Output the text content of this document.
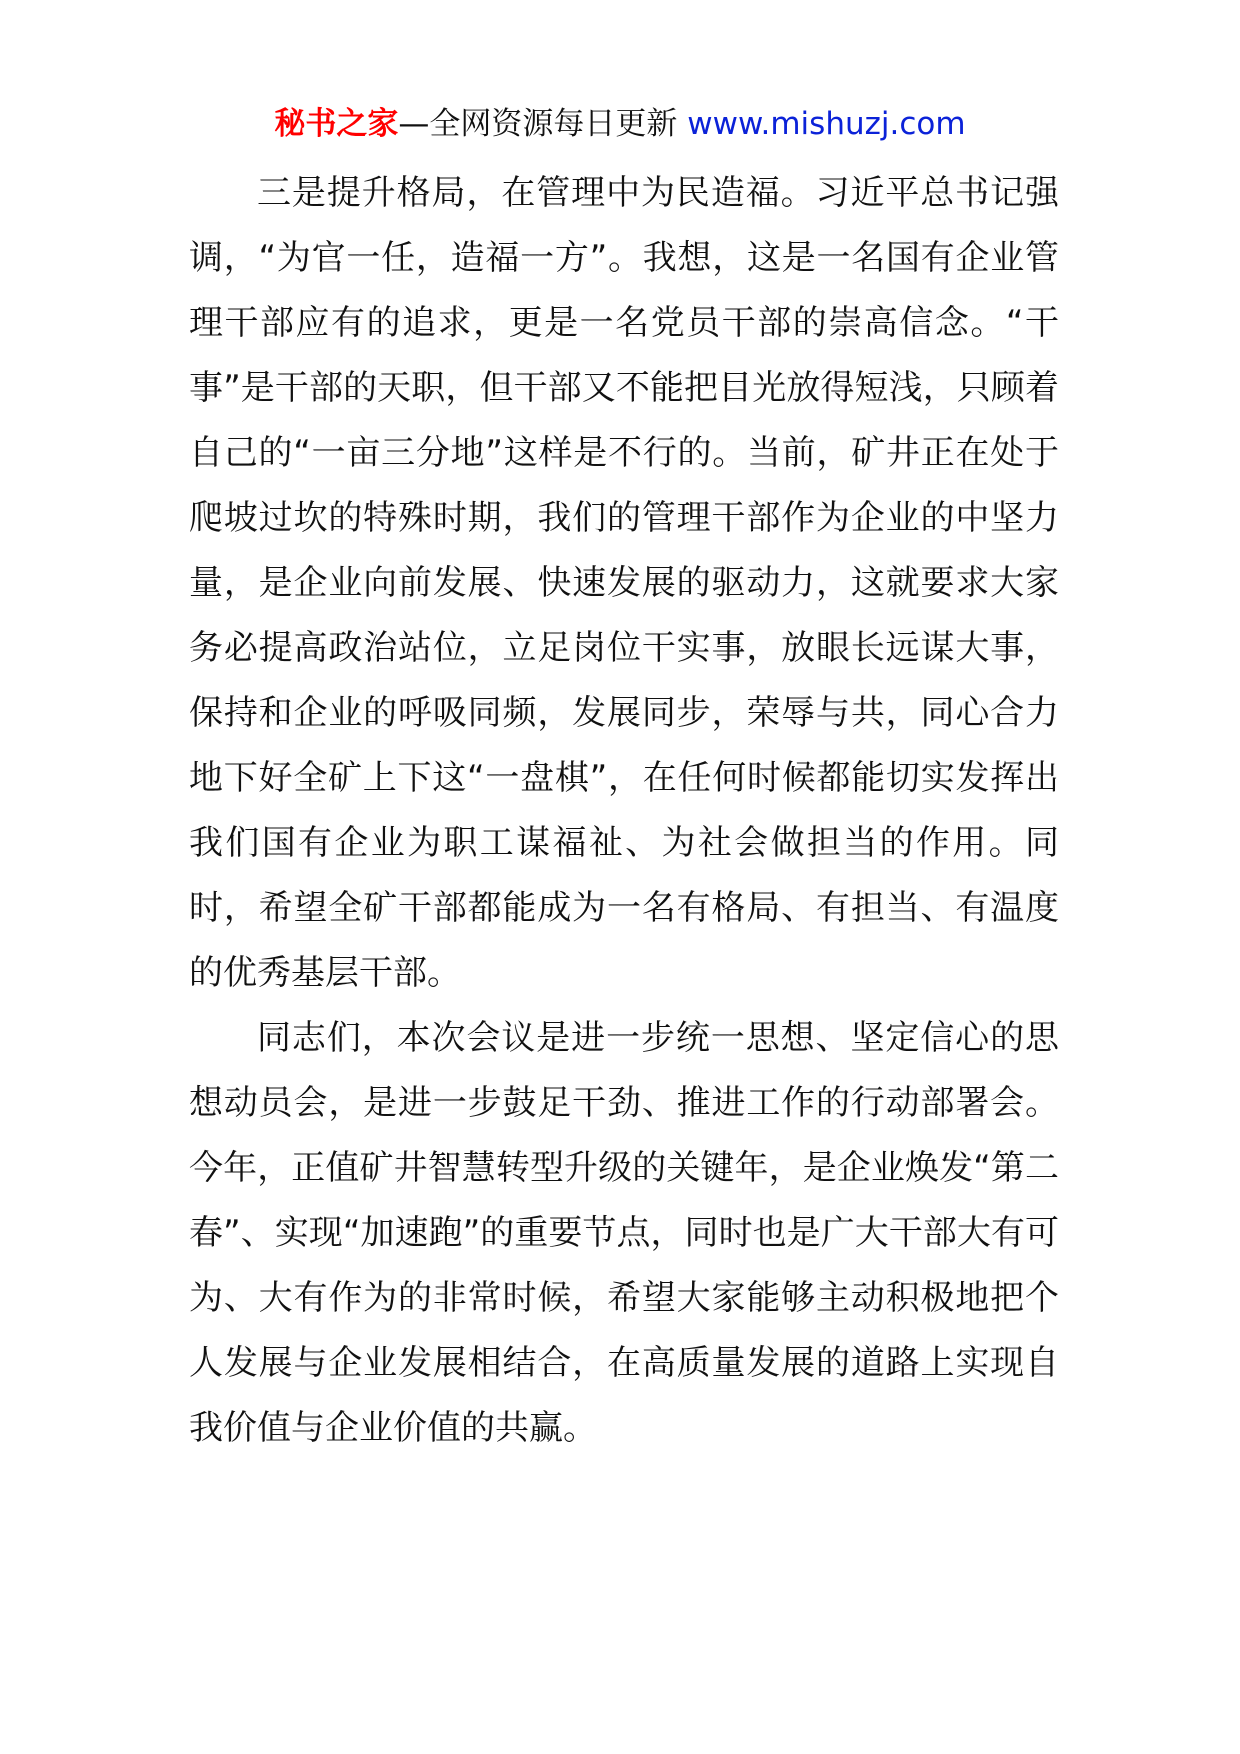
秘书之家—全网资源每日更新 www.mishuzj.com

三是提升格局，在管理中为民造福。习近平总书记强调，“为官一任，造福一方”。我想，这是一名国有企业管理干部应有的追求，更是一名党员干部的崇高信念。“干事”是干部的天职，但干部又不能把目光放得短浅，只顾着自己的“一亩三分地”这样是不行的。当前，矿井正在处于爬坡过坎的特殊时期，我们的管理干部作为企业的中坚力量，是企业向前发展、快速发展的驱动力，这就要求大家务必提高政治站位，立足岗位干实事，放眼长远谋大事，保持和企业的呼吸同频，发展同步，荣辱与共，同心合力地下好全矿上下这“一盘棋”，在任何时候都能切实发挥出我们国有企业为职工谋福祉、为社会做担当的作用。同时，希望全矿干部都能成为一名有格局、有担当、有温度的优秀基层干部。

同志们，本次会议是进一步统一思想、坚定信心的思想动员会，是进一步鼓足干劲、推进工作的行动部署会。今年，正值矿井智慧转型升级的关键年，是企业焕发“第二春”、实现“加速跑”的重要节点，同时也是广大干部大有可为、大有作为的非常时候，希望大家能够主动积极地把个人发展与企业发展相结合，在高质量发展的道路上实现自我价值与企业价值的共赢。
